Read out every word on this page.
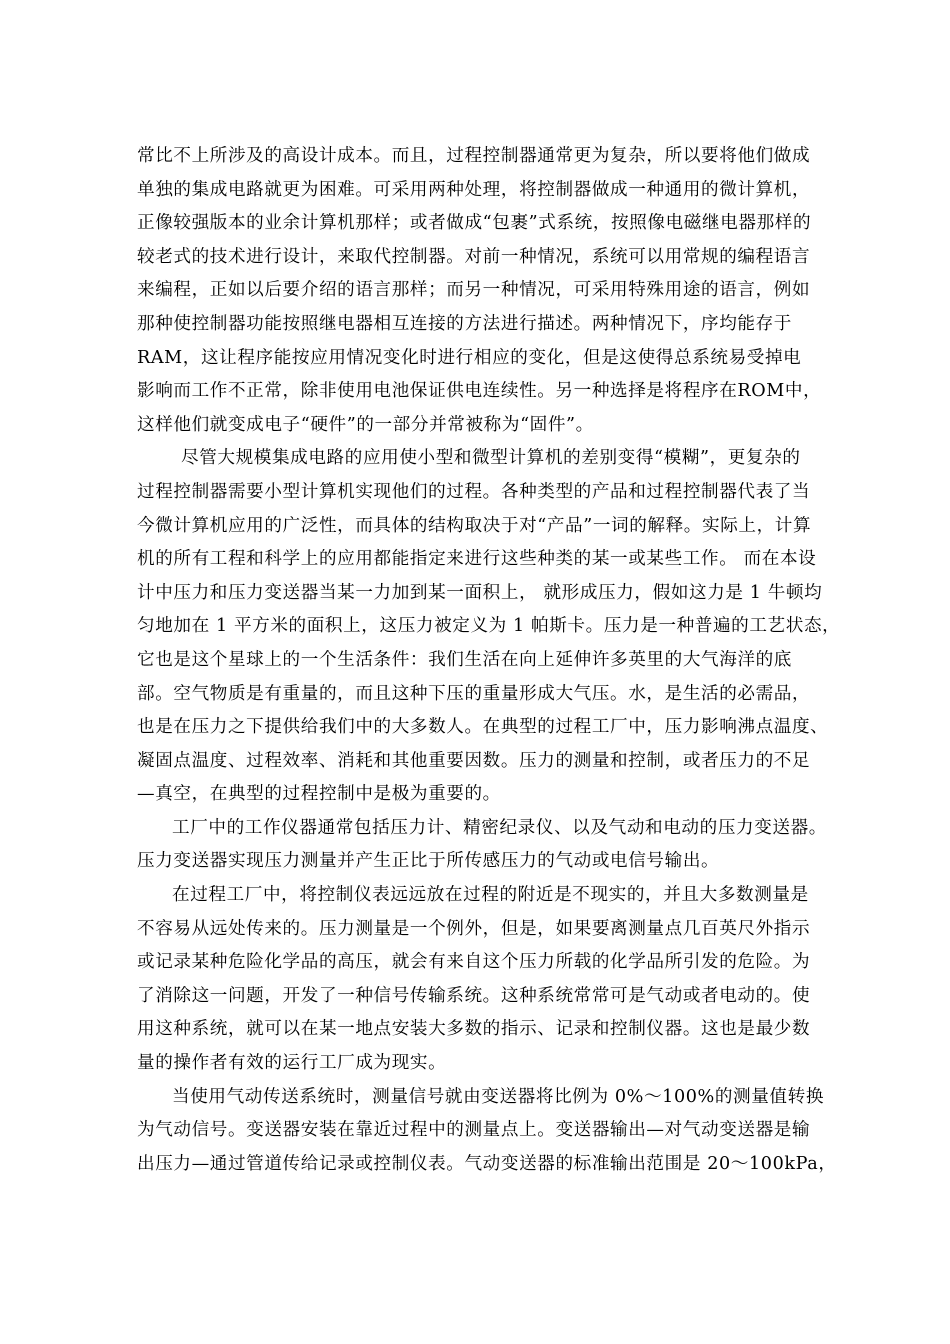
常比不上所涉及的高设计成本。而且，过程控制器通常更为复杂，所以要将他们做成
单独的集成电路就更为困难。可采用两种处理，将控制器做成一种通用的微计算机，
正像较强版本的业余计算机那样；或者做成“包裹”式系统，按照像电磁继电器那样的
较老式的技术进行设计，来取代控制器。对前一种情况，系统可以用常规的编程语言
来编程，正如以后要介绍的语言那样；而另一种情况，可采用特殊用途的语言，例如
那种使控制器功能按照继电器相互连接的方法进行描述。两种情况下，序均能存于
RAM，这让程序能按应用情况变化时进行相应的变化，但是这使得总系统易受掉电
影响而工作不正常，除非使用电池保证供电连续性。另一种选择是将程序在ROM中，
这样他们就变成电子“硬件”的一部分并常被称为“固件”。
尽管大规模集成电路的应用使小型和微型计算机的差别变得“模糊”，更复杂的
过程控制器需要小型计算机实现他们的过程。各种类型的产品和过程控制器代表了当
今微计算机应用的广泛性，而具体的结构取决于对“产品”一词的解释。实际上，计算
机的所有工程和科学上的应用都能指定来进行这些种类的某一或某些工作。 而在本设
计中压力和压力变送器当某一力加到某一面积上， 就形成压力，假如这力是 1 牛顿均
匀地加在 1 平方米的面积上，这压力被定义为 1 帕斯卡。压力是一种普遍的工艺状态，
它也是这个星球上的一个生活条件：我们生活在向上延伸许多英里的大气海洋的底
部。空气物质是有重量的，而且这种下压的重量形成大气压。水，是生活的必需品，
也是在压力之下提供给我们中的大多数人。在典型的过程工厂中，压力影响沸点温度、
凝固点温度、过程效率、消耗和其他重要因数。压力的测量和控制，或者压力的不足
—真空，在典型的过程控制中是极为重要的。
工厂中的工作仪器通常包括压力计、精密纪录仪、以及气动和电动的压力变送器。
压力变送器实现压力测量并产生正比于所传感压力的气动或电信号输出。
在过程工厂中，将控制仪表远远放在过程的附近是不现实的，并且大多数测量是
不容易从远处传来的。压力测量是一个例外，但是，如果要离测量点几百英尺外指示
或记录某种危险化学品的高压，就会有来自这个压力所载的化学品所引发的危险。为
了消除这一问题，开发了一种信号传输系统。这种系统常常可是气动或者电动的。使
用这种系统，就可以在某一地点安装大多数的指示、记录和控制仪器。这也是最少数
量的操作者有效的运行工厂成为现实。
当使用气动传送系统时，测量信号就由变送器将比例为 0%～100%的测量值转换
为气动信号。变送器安装在靠近过程中的测量点上。变送器输出—对气动变送器是输
出压力—通过管道传给记录或控制仪表。气动变送器的标准输出范围是 20～100kPa，
